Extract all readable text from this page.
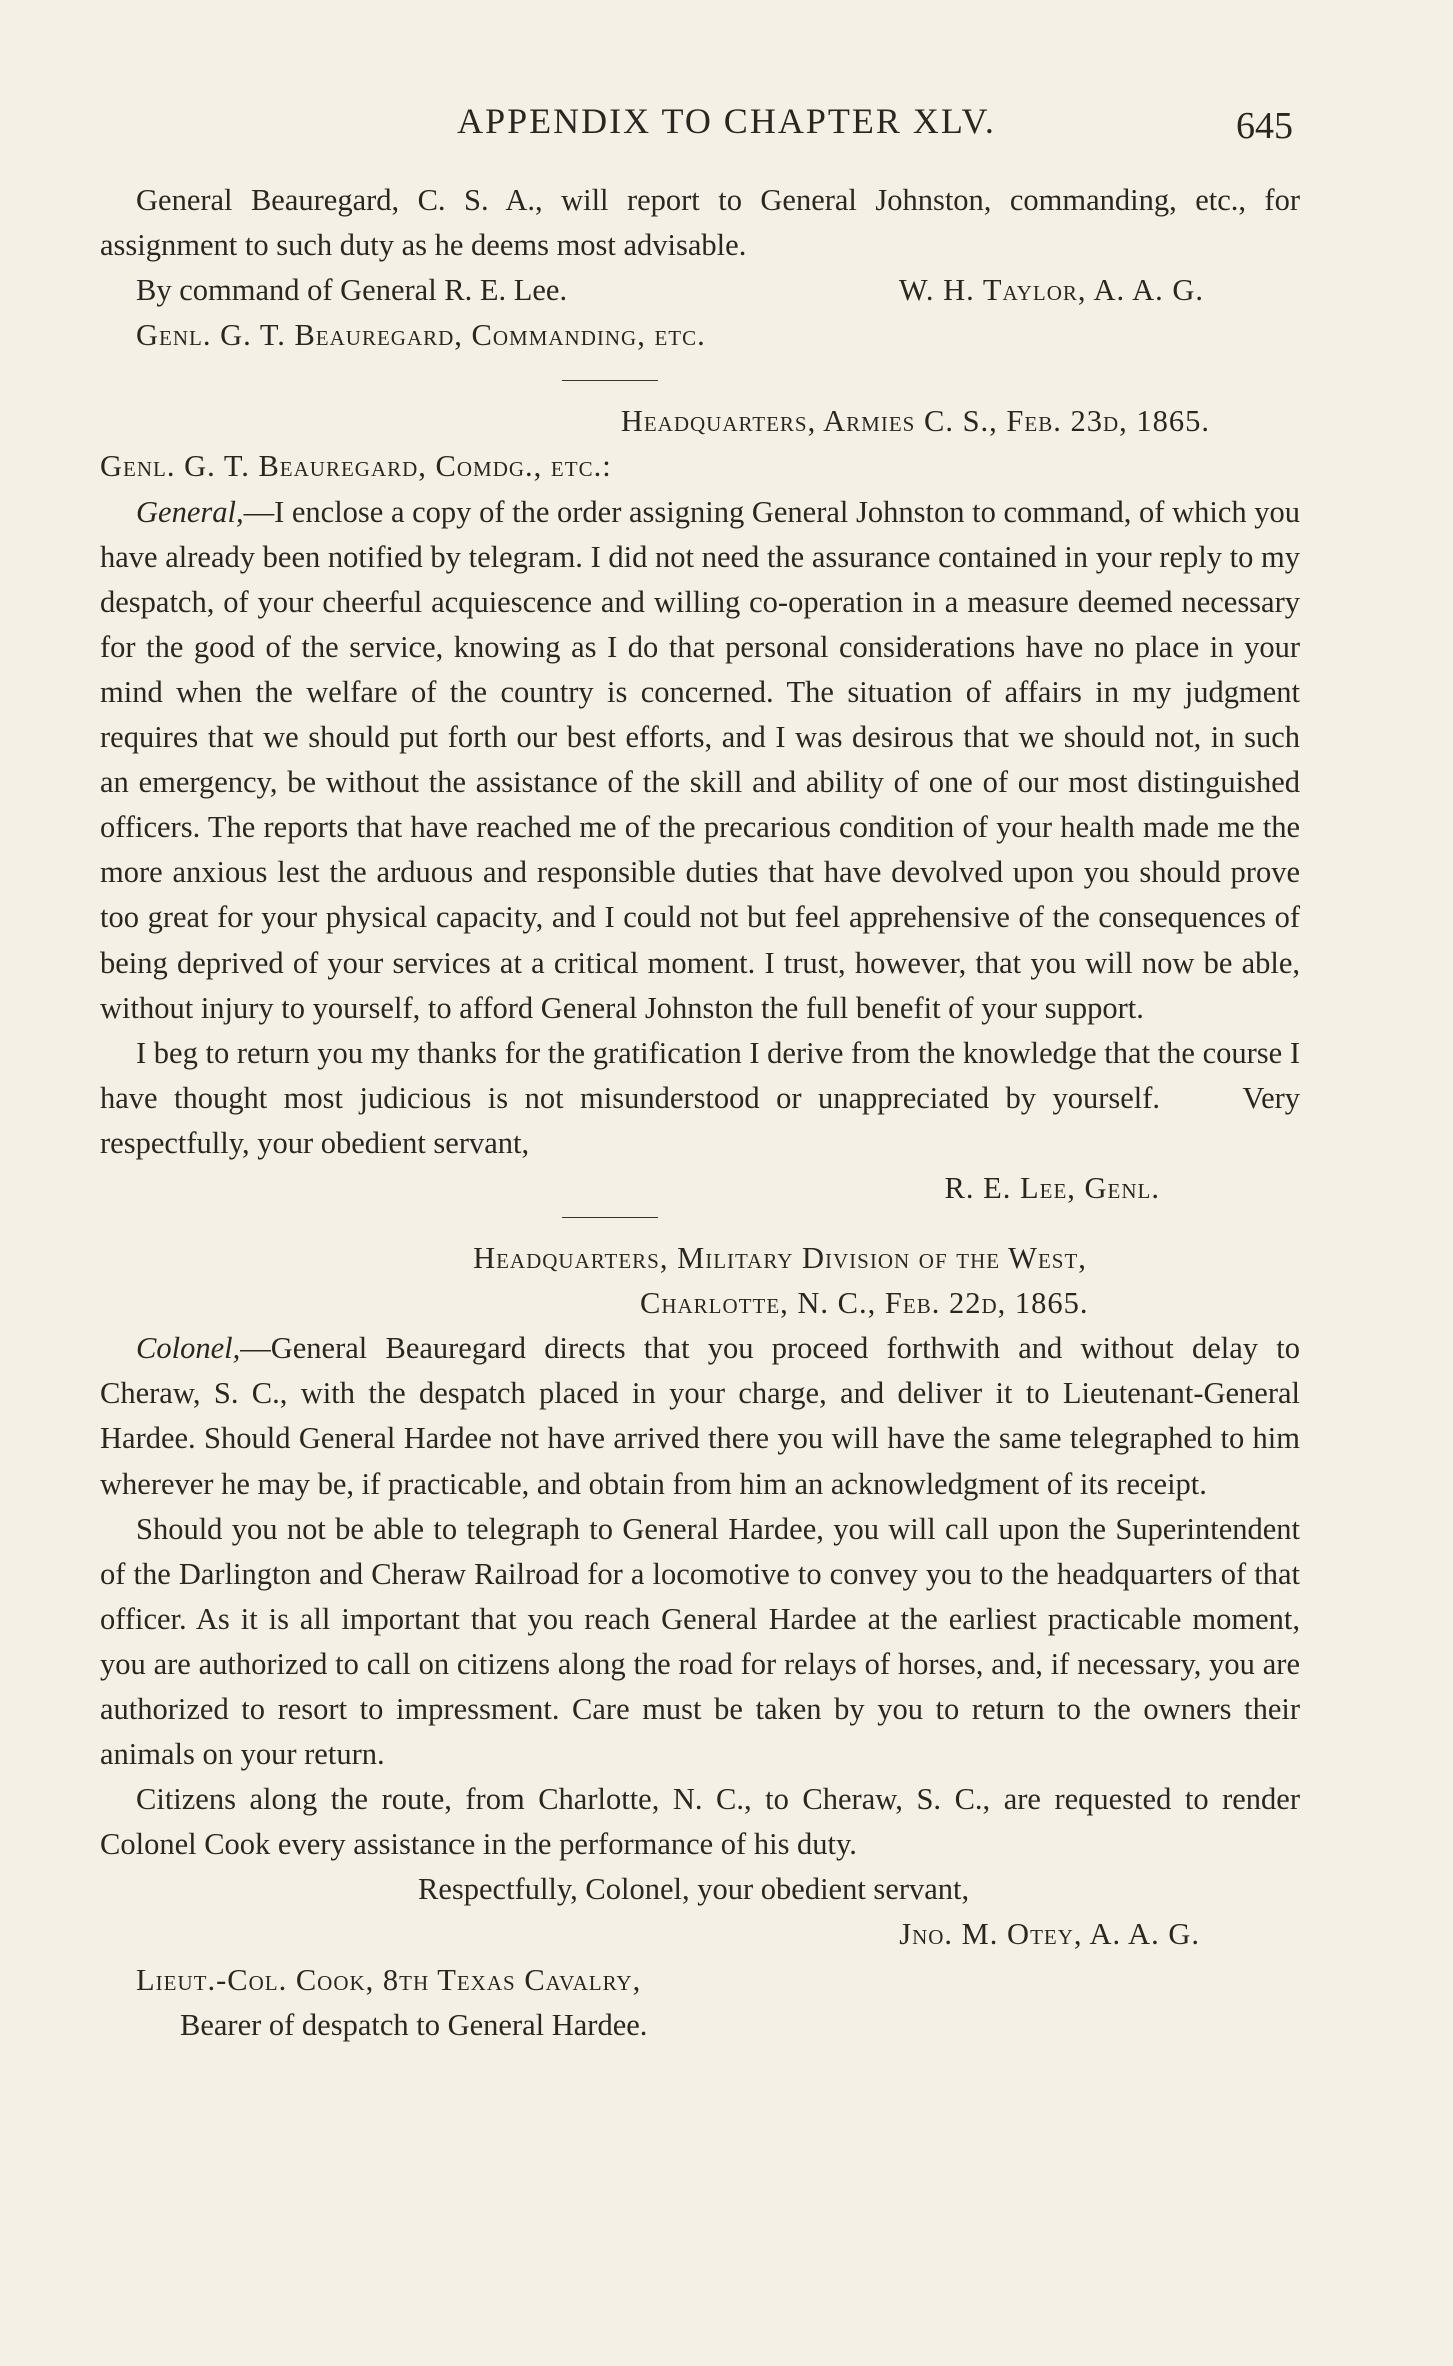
APPENDIX TO CHAPTER XLV.	645

General Beauregard, C. S. A., will report to General Johnston, commanding, etc., for assignment to such duty as he deems most advisable.

By command of General R. E. Lee.	W. H. Taylor, A. A. G.
Genl. G. T. Beauregard, Commanding, etc.
Headquarters, Armies C. S., Feb. 23d, 1865.
Genl. G. T. Beauregard, Comdg., etc.:

General,—I enclose a copy of the order assigning General Johnston to command, of which you have already been notified by telegram. I did not need the assurance contained in your reply to my despatch, of your cheerful acquiescence and willing co-operation in a measure deemed necessary for the good of the service, knowing as I do that personal considerations have no place in your mind when the welfare of the country is concerned. The situation of affairs in my judgment requires that we should put forth our best efforts, and I was desirous that we should not, in such an emergency, be without the assistance of the skill and ability of one of our most distinguished officers. The reports that have reached me of the precarious condition of your health made me the more anxious lest the arduous and responsible duties that have devolved upon you should prove too great for your physical capacity, and I could not but feel apprehensive of the consequences of being deprived of your services at a critical moment. I trust, however, that you will now be able, without injury to yourself, to afford General Johnston the full benefit of your support.

I beg to return you my thanks for the gratification I derive from the knowledge that the course I have thought most judicious is not misunderstood or unappreciated by yourself.	Very respectfully, your obedient servant,

R. E. Lee, Genl.
Headquarters, Military Division of the West,
Charlotte, N. C., Feb. 22d, 1865.

Colonel,—General Beauregard directs that you proceed forthwith and without delay to Cheraw, S. C., with the despatch placed in your charge, and deliver it to Lieutenant-General Hardee. Should General Hardee not have arrived there you will have the same telegraphed to him wherever he may be, if practicable, and obtain from him an acknowledgment of its receipt.

Should you not be able to telegraph to General Hardee, you will call upon the Superintendent of the Darlington and Cheraw Railroad for a locomotive to convey you to the headquarters of that officer. As it is all important that you reach General Hardee at the earliest practicable moment, you are authorized to call on citizens along the road for relays of horses, and, if necessary, you are authorized to resort to impressment. Care must be taken by you to return to the owners their animals on your return.

Citizens along the route, from Charlotte, N. C., to Cheraw, S. C., are requested to render Colonel Cook every assistance in the performance of his duty.

Respectfully, Colonel, your obedient servant,
Jno. M. Otey, A. A. G.
Lieut.-Col. Cook, 8th Texas Cavalry,
Bearer of despatch to General Hardee.
